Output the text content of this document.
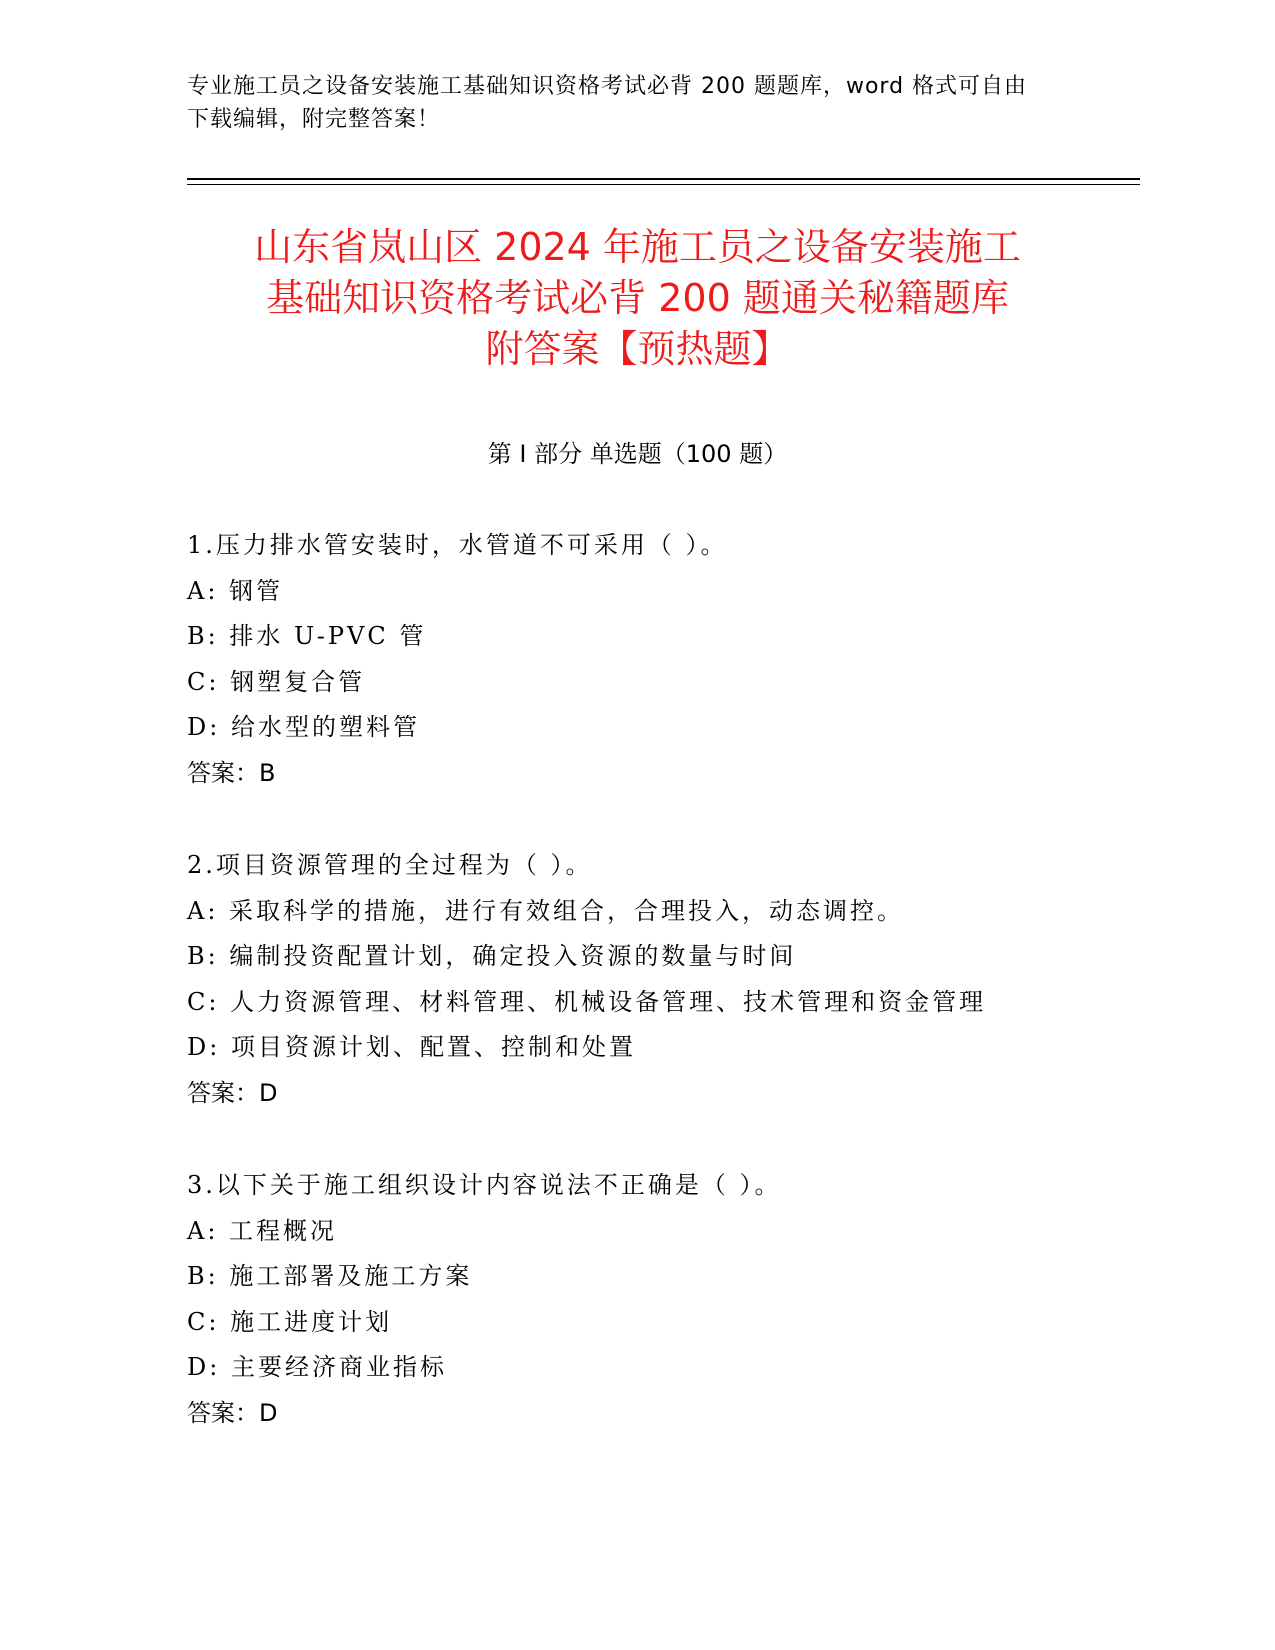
专业施工员之设备安装施工基础知识资格考试必背 200 题题库，word 格式可自由
下载编辑，附完整答案！
山东省岚山区 2024 年施工员之设备安装施工
基础知识资格考试必背 200 题通关秘籍题库
附答案【预热题】
第 I 部分 单选题（100 题）
1.压力排水管安装时，水管道不可采用（ ）。
A: 钢管
B: 排水 U-PVC 管
C: 钢塑复合管
D: 给水型的塑料管
答案：B
2.项目资源管理的全过程为（ ）。
A: 采取科学的措施，进行有效组合，合理投入，动态调控。
B: 编制投资配置计划，确定投入资源的数量与时间
C: 人力资源管理、材料管理、机械设备管理、技术管理和资金管理
D: 项目资源计划、配置、控制和处置
答案：D
3.以下关于施工组织设计内容说法不正确是（ ）。
A: 工程概况
B: 施工部署及施工方案
C: 施工进度计划
D: 主要经济商业指标
答案：D
